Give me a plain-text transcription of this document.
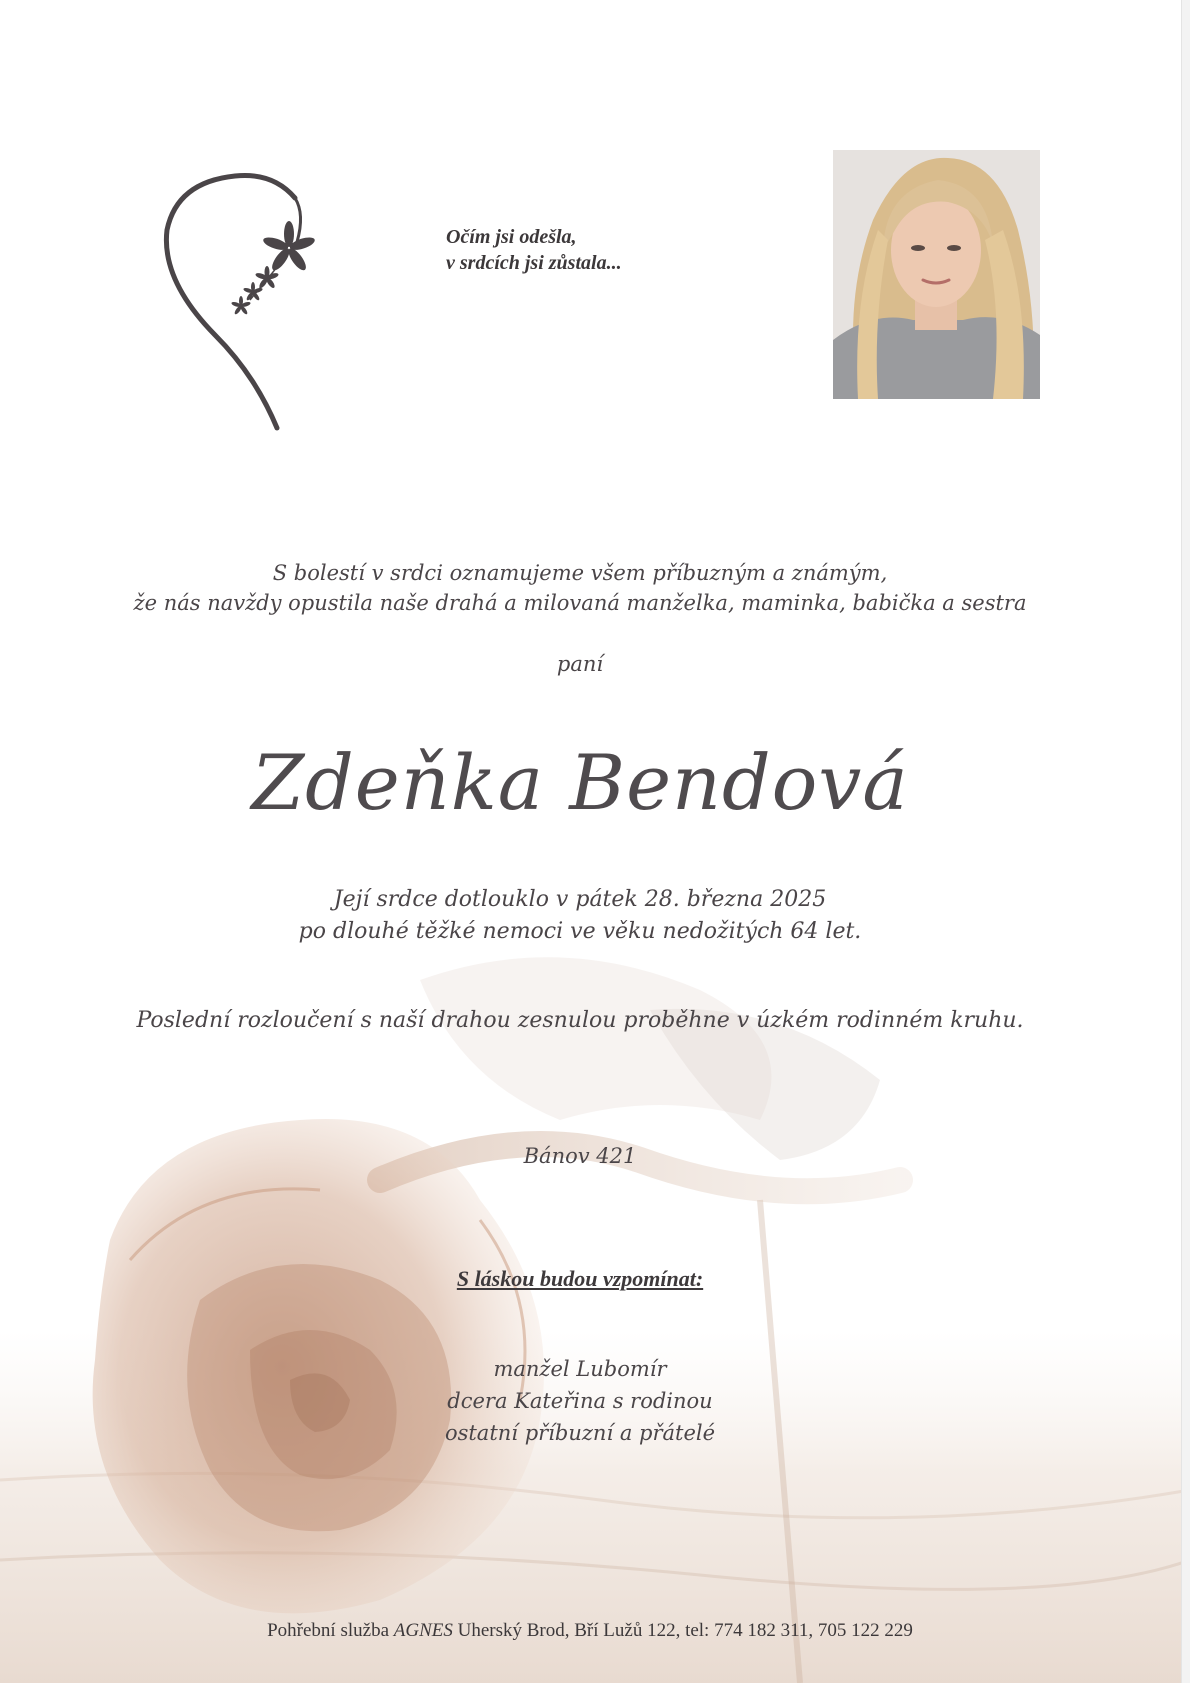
Očím jsi odešla,
v srdcích jsi zůstala...
S bolestí v srdci oznamujeme všem příbuzným a známým,
že nás navždy opustila naše drahá a milovaná manželka, maminka, babička a sestra
paní
Zdeňka Bendová
Její srdce dotlouklo v pátek 28. března 2025
po dlouhé těžké nemoci ve věku nedožitých 64 let.
Poslední rozloučení s naší drahou zesnulou proběhne v úzkém rodinném kruhu.
Bánov 421
S láskou budou vzpomínat:
manžel Lubomír
dcera Kateřina s rodinou
ostatní příbuzní a přátelé
Pohřební služba AGNES Uherský Brod, Bří Lužů 122, tel: 774 182 311, 705 122 229
